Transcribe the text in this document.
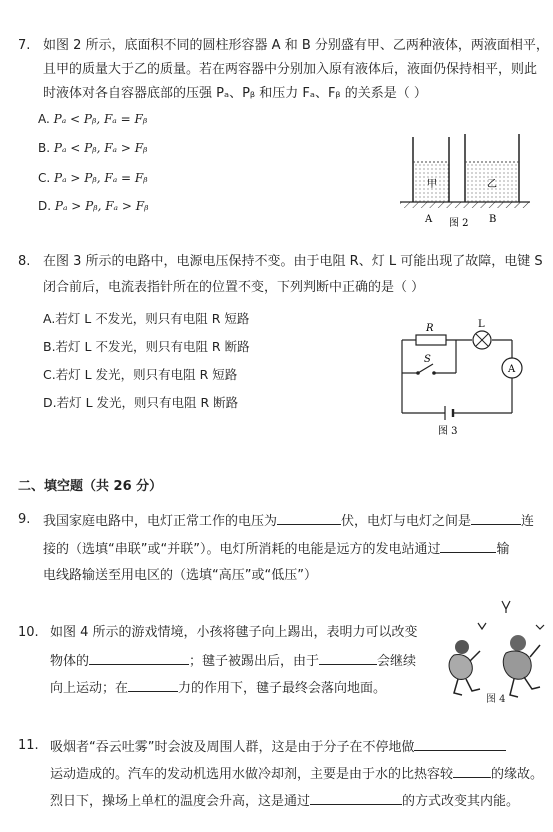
7. 如图 2 所示，底面积不同的圆柱形容器 A 和 B 分别盛有甲、乙两种液体，两液面相平，
且甲的质量大于乙的质量。若在两容器中分别加入原有液体后，液面仍保持相平，则此
时液体对各自容器底部的压强 Pₐ、Pᵦ 和压力 Fₐ、Fᵦ 的关系是（ ）
A. Pₐ < Pᵦ, Fₐ = Fᵦ
B. Pₐ < Pᵦ, Fₐ > Fᵦ
C. Pₐ > Pᵦ, Fₐ = Fᵦ
D. Pₐ > Pᵦ, Fₐ > Fᵦ
甲	乙
A	B
图 2
8. 在图 3 所示的电路中，电源电压保持不变。由于电阻 R、灯 L 可能出现了故障，电键 S
闭合前后，电流表指针所在的位置不变，下列判断中正确的是（ ）
A.若灯 L 不发光，则只有电阻 R 短路
B.若灯 L 不发光，则只有电阻 R 断路
C.若灯 L 发光，则只有电阻 R 短路
D.若灯 L 发光，则只有电阻 R 断路
R	L
S
A
图 3
二、填空题（共 26 分）
9. 我国家庭电路中，电灯正常工作的电压为	伏，电灯与电灯之间是	连
接的（选填“串联”或“并联”）。电灯所消耗的电能是远方的发电站通过	输
电线路输送至用电区的（选填“高压”或“低压”）
10. 如图 4 所示的游戏情境，小孩将毽子向上踢出，表明力可以改变
物体的	；毽子被踢出后，由于	会继续
向上运动；在	力的作用下，毽子最终会落向地面。
图 4
11. 吸烟者“吞云吐雾”时会波及周围人群，这是由于分子在不停地做
运动造成的。汽车的发动机选用水做冷却剂，主要是由于水的比热容较	的缘故。
烈日下，操场上单杠的温度会升高，这是通过	的方式改变其内能。
